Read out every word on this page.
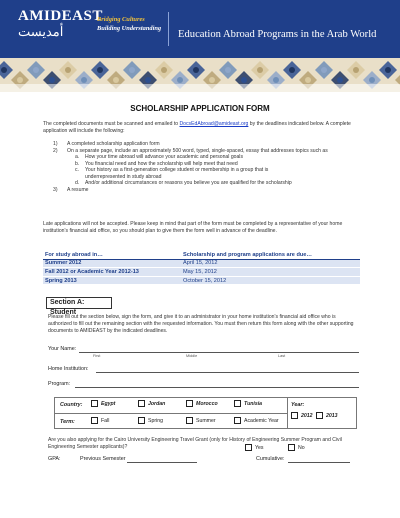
AMIDEAST
أمديست
Bridging Cultures
Building Understanding
Education Abroad Programs in the Arab World
SCHOLARSHIP APPLICATION FORM
The completed documents must be scanned and emailed to DocsEdAbroad@amideast.org by the deadlines indicated below. A complete application will include the following:
1) A completed scholarship application form
2) On a separate page, include an approximately 500 word, typed, single-spaced, essay that addresses topics such as
a. How your time abroad will advance your academic and personal goals
b. You financial need and how the scholarship will help meet that need
c. Your history as a first-generation college student or membership in a group that is underrepresented in study abroad
d. And/or additional circumstances or reasons you believe you are qualified for the scholarship
3) A resume
Late applications will not be accepted. Please keep in mind that part of the form must be completed by a representative of your home institution's financial aid office, so you should plan to give them the form well in advance of the deadline.
For study abroad in…	Scholarship and program applications are due…
Summer 2012	April 15, 2012
Fall 2012 or Academic Year 2012-13	May 15, 2012
Spring 2013	October 15, 2012
Section A: Student
Please fill out the section below, sign the form, and give it to an administrator in your home institution's financial aid office who is authorized to fill out the remaining section with the requested information. You must then return this form along with the other supporting documents to AMIDEAST by the indicated deadlines.
Your Name:
First	Middle	Last
Home Institution:
Program:
Country:	Egypt	Jordan	Morocco	Tunisia
Term:	Fall	Spring	Summer	Academic Year
Year:
2012	2013
Are you also applying for the Cairo University Engineering Travel Grant (only for History of Engineering Summer Program and Civil Engineering Semester applicants)?	Yes	No
GPA:	Previous Semester	Cumulative:
